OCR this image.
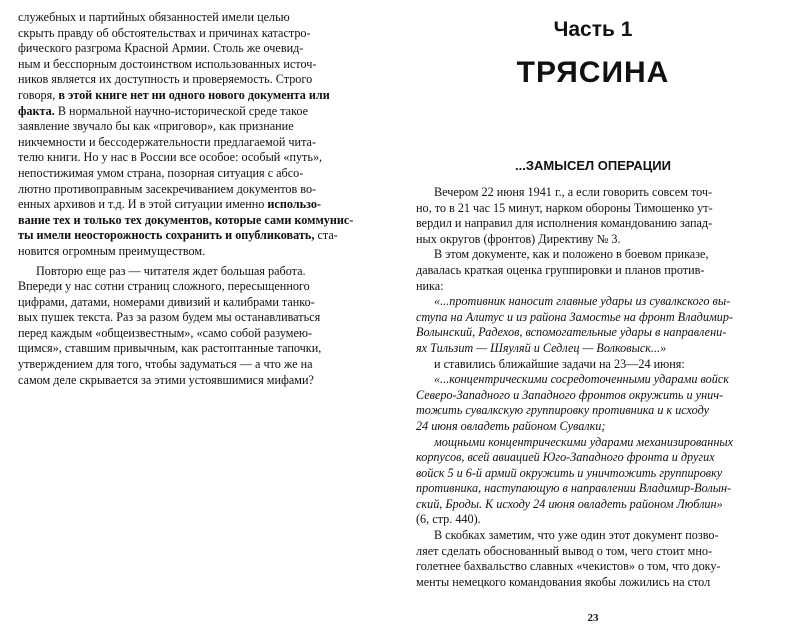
служебных и партийных обязанностей имели целью

скрыть правду об обстоятельствах и причинах катастро-

фического разгрома Красной Армии. Столь же очевид-

ным и бесспорным достоинством использованных источ-

ников является их доступность и проверяемость. Строго

говоря, в этой книге нет ни одного нового документа или

факта. В нормальной научно-исторической среде такое

заявление звучало бы как «приговор», как признание

никчемности и бессодержательности предлагаемой чита-

телю книги. Но у нас в России все особое: особый «путь»,

непостижимая умом страна, позорная ситуация с абсо-

лютно противоправным засекречиванием документов во-

енных архивов и т.д. И в этой ситуации именно использо-

вание тех и только тех документов, которые сами коммунис-

ты имели неосторожность сохранить и опубликовать, ста-

новится огромным преимуществом.

Повторю еще раз — читателя ждет большая работа.

Впереди у нас сотни страниц сложного, пересыщенного

цифрами, датами, номерами дивизий и калибрами танко-

вых пушек текста. Раз за разом будем мы останавливаться

перед каждым «общеизвестным», «само собой разумею-

щимся», ставшим привычным, как растоптанные тапочки,

утверждением для того, чтобы задуматься — а что же на

самом деле скрывается за этими устоявшимися мифами?

Часть 1
ТРЯСИНА
...ЗАМЫСЕЛ ОПЕРАЦИИ

Вечером 22 июня 1941 г., а если говорить совсем точ-

но, то в 21 час 15 минут, нарком обороны Тимошенко ут-

вердил и направил для исполнения командованию запад-

ных округов (фронтов) Директиву № 3.

В этом документе, как и положено в боевом приказе,

давалась краткая оценка группировки и планов против-

ника:

«...противник наносит главные удары из сувалкского вы-

ступа на Алитус и из района Замостье на фронт Владимир-

Волынский, Радехов, вспомогательные удары в направлени-

ях Тильзит — Шяуляй и Седлец — Волковыск...»

и ставились ближайшие задачи на 23—24 июня:

«...концентрическими сосредоточенными ударами войск

Северо-Западного и Западного фронтов окружить и унич-

тожить сувалкскую группировку противника и к исходу

24 июня овладеть районом Сувалки;

мощными концентрическими ударами механизированных

корпусов, всей авиацией Юго-Западного фронта и других

войск 5 и 6-й армий окружить и уничтожить группировку

противника, наступающую в направлении Владимир-Волын-

ский, Броды. К исходу 24 июня овладеть районом Люблин»

(6, стр. 440).

В скобках заметим, что уже один этот документ позво-

ляет сделать обоснованный вывод о том, чего стоит мно-

голетнее бахвальство славных «чекистов» о том, что доку-

менты немецкого командования якобы ложились на стол

23
